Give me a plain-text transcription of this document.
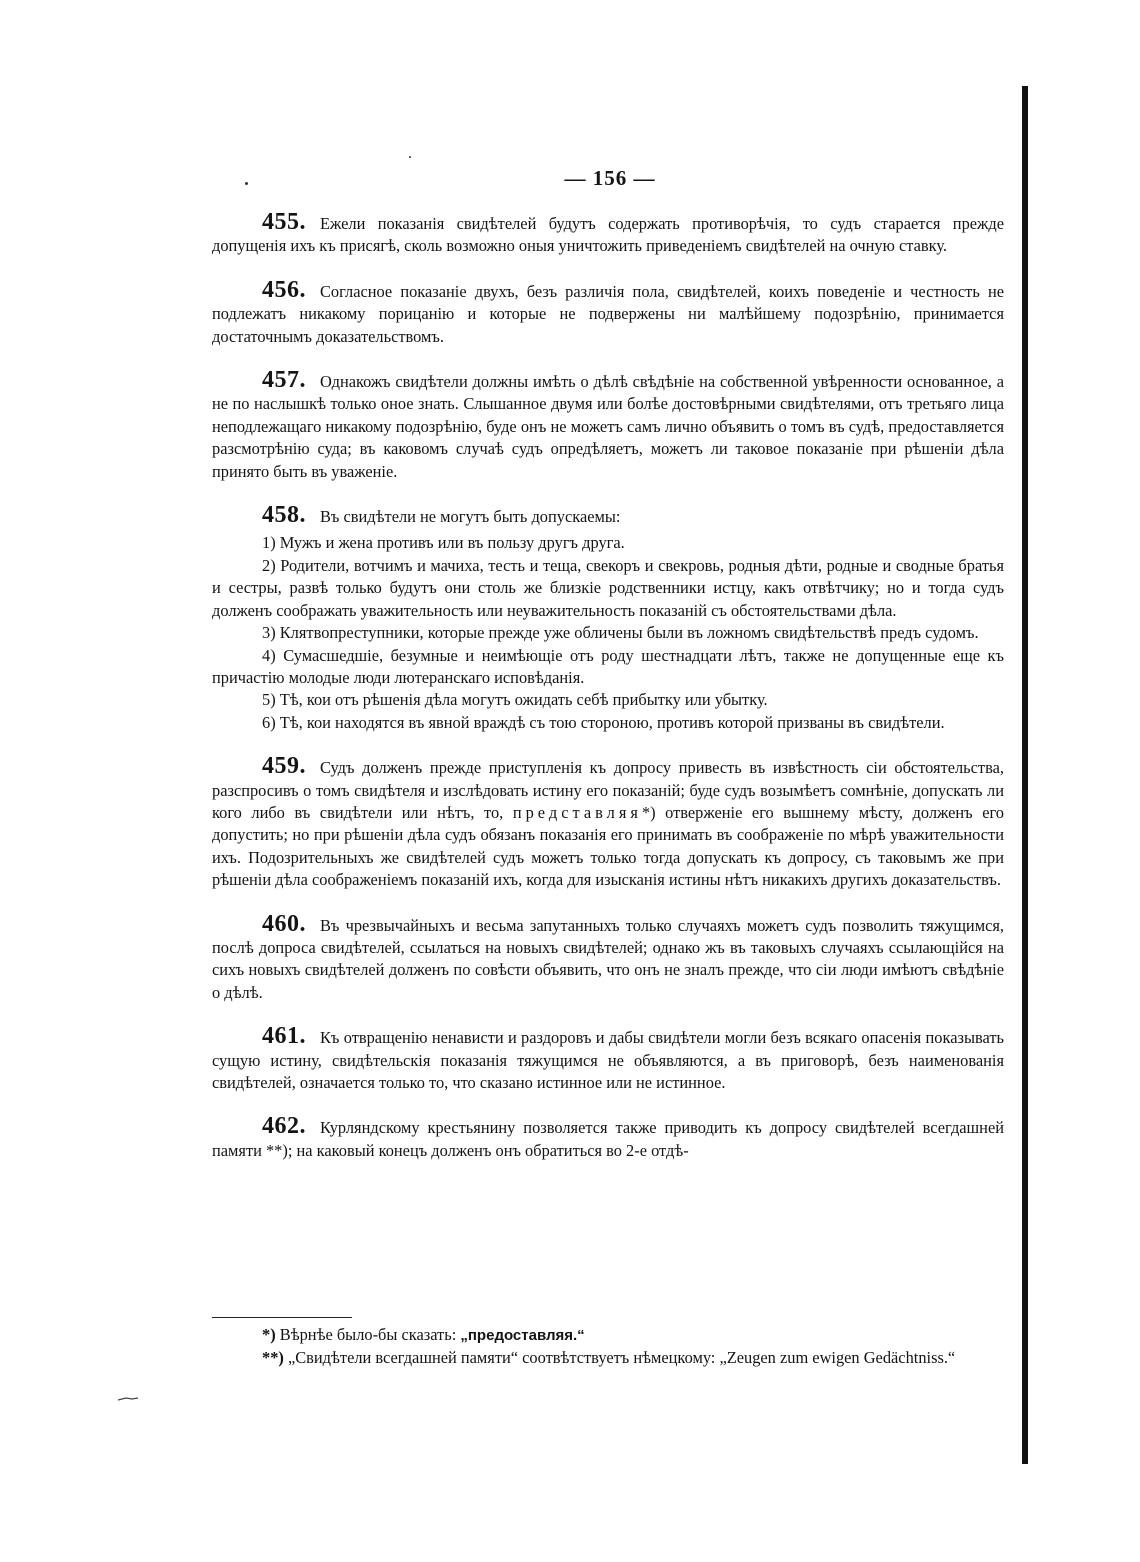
— 156 —

455. Ежели показанія свидѣтелей будутъ содержать противорѣчія, то судъ старается прежде допущенія ихъ къ присягѣ, сколь возможно оныя уничтожить приведеніемъ свидѣтелей на очную ставку.

456. Согласное показаніе двухъ, безъ различія пола, свидѣтелей, коихъ поведеніе и честность не подлежатъ никакому порицанію и которые не подвержены ни малѣйшему подозрѣнію, принимается достаточнымъ доказательствомъ.

457. Однакожъ свидѣтели должны имѣть о дѣлѣ свѣдѣніе на собственной увѣренности основанное, а не по наслышкѣ только оное знать. Слышанное двумя или болѣе достовѣрными свидѣтелями, отъ третьяго лица неподлежащаго никакому подозрѣнію, буде онъ не можетъ самъ лично объявить о томъ въ судѣ, предоставляется разсмотрѣнію суда; въ каковомъ случаѣ судъ опредѣляетъ, можетъ ли таковое показаніе при рѣшеніи дѣла принято быть въ уваженіе.

458. Въ свидѣтели не могутъ быть допускаемы:

1) Мужъ и жена противъ или въ пользу другъ друга.

2) Родители, вотчимъ и мачиха, тесть и теща, свекоръ и свекровь, родныя дѣти, родные и сводные братья и сестры, развѣ только будутъ они столь же близкіе родственники истцу, какъ отвѣтчику; но и тогда судъ долженъ соображать уважительность или неуважительность показаній съ обстоятельствами дѣла.

3) Клятвопреступники, которые прежде уже обличены были въ ложномъ свидѣтельствѣ предъ судомъ.

4) Сумасшедшіе, безумные и неимѣющіе отъ роду шестнадцати лѣтъ, также не допущенные еще къ причастію молодые люди лютеранскаго исповѣданія.

5) Тѣ, кои отъ рѣшенія дѣла могутъ ожидать себѣ прибытку или убытку.

6) Тѣ, кои находятся въ явной враждѣ съ тою стороною, противъ которой призваны въ свидѣтели.

459. Судъ долженъ прежде приступленія къ допросу привесть въ извѣстность сіи обстоятельства, разспросивъ о томъ свидѣтеля и изслѣдовать истину его показаній; буде судъ возымѣетъ сомнѣніе, допускать ли кого либо въ свидѣтели или нѣтъ, то, представляя*) отверженіе его вышнему мѣсту, долженъ его допустить; но при рѣшеніи дѣла судъ обязанъ показанія его принимать въ соображеніе по мѣрѣ уважительности ихъ. Подозрительныхъ же свидѣтелей судъ можетъ только тогда допускать къ допросу, съ таковымъ же при рѣшеніи дѣла соображеніемъ показаній ихъ, когда для изысканія истины нѣтъ никакихъ другихъ доказательствъ.

460. Въ чрезвычайныхъ и весьма запутанныхъ только случаяхъ можетъ судъ позволить тяжущимся, послѣ допроса свидѣтелей, ссылаться на новыхъ свидѣтелей; однако жъ въ таковыхъ случаяхъ ссылающійся на сихъ новыхъ свидѣтелей долженъ по совѣсти объявить, что онъ не зналъ прежде, что сіи люди имѣютъ свѣдѣніе о дѣлѣ.

461. Къ отвращенію ненависти и раздоровъ и дабы свидѣтели могли безъ всякаго опасенія показывать сущую истину, свидѣтельскія показанія тяжущимся не объявляются, а въ приговорѣ, безъ наименованія свидѣтелей, означается только то, что сказано истинное или не истинное.

462. Курляндскому крестьянину позволяется также приводить къ допросу свидѣтелей всегдашней памяти **); на каковый конецъ долженъ онъ обратиться во 2-е отдѣ-

*) Вѣрнѣе было-бы сказать: „предоставляя.“

**) „Свидѣтели всегдашней памяти“ соотвѣтствуетъ нѣмецкому: „Zeugen zum ewigen Gedächtniss.“
